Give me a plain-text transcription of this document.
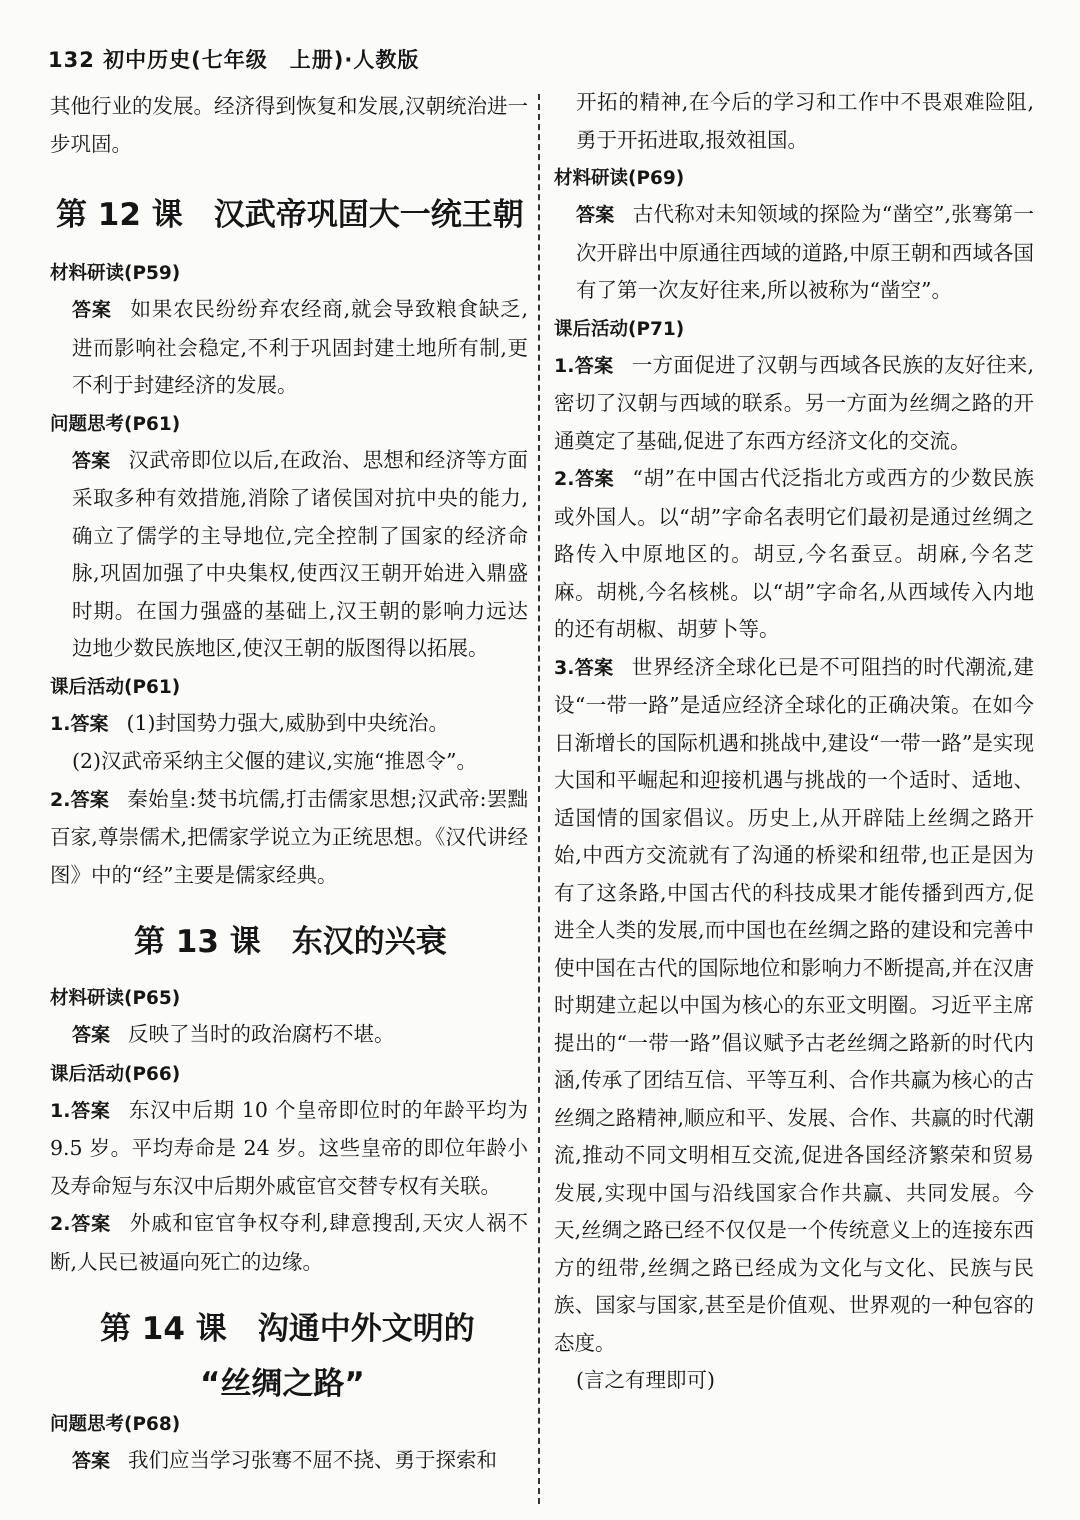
132 初中历史(七年级　上册)·人教版

其他行业的发展。经济得到恢复和发展,汉朝统治进一步巩固。

第 12 课　汉武帝巩固大一统王朝
材料研读(P59)

答案 如果农民纷纷弃农经商,就会导致粮食缺乏,进而影响社会稳定,不利于巩固封建土地所有制,更不利于封建经济的发展。

问题思考(P61)

答案 汉武帝即位以后,在政治、思想和经济等方面采取多种有效措施,消除了诸侯国对抗中央的能力,确立了儒学的主导地位,完全控制了国家的经济命脉,巩固加强了中央集权,使西汉王朝开始进入鼎盛时期。在国力强盛的基础上,汉王朝的影响力远达边地少数民族地区,使汉王朝的版图得以拓展。

课后活动(P61)

1.答案 (1)封国势力强大,威胁到中央统治。

(2)汉武帝采纳主父偃的建议,实施“推恩令”。

2.答案 秦始皇:焚书坑儒,打击儒家思想;汉武帝:罢黜百家,尊崇儒术,把儒家学说立为正统思想。《汉代讲经图》中的“经”主要是儒家经典。

第 13 课　东汉的兴衰
材料研读(P65)

答案 反映了当时的政治腐朽不堪。

课后活动(P66)

1.答案 东汉中后期 10 个皇帝即位时的年龄平均为 9.5 岁。平均寿命是 24 岁。这些皇帝的即位年龄小及寿命短与东汉中后期外戚宦官交替专权有关联。

2.答案 外戚和宦官争权夺利,肆意搜刮,天灾人祸不断,人民已被逼向死亡的边缘。

第 14 课　沟通中外文明的
“丝绸之路”
问题思考(P68)

答案 我们应当学习张骞不屈不挠、勇于探索和

开拓的精神,在今后的学习和工作中不畏艰难险阻,勇于开拓进取,报效祖国。

材料研读(P69)

答案 古代称对未知领域的探险为“凿空”,张骞第一次开辟出中原通往西域的道路,中原王朝和西域各国有了第一次友好往来,所以被称为“凿空”。

课后活动(P71)

1.答案 一方面促进了汉朝与西域各民族的友好往来,密切了汉朝与西域的联系。另一方面为丝绸之路的开通奠定了基础,促进了东西方经济文化的交流。

2.答案 “胡”在中国古代泛指北方或西方的少数民族或外国人。以“胡”字命名表明它们最初是通过丝绸之路传入中原地区的。胡豆,今名蚕豆。胡麻,今名芝麻。胡桃,今名核桃。以“胡”字命名,从西域传入内地的还有胡椒、胡萝卜等。

3.答案 世界经济全球化已是不可阻挡的时代潮流,建设“一带一路”是适应经济全球化的正确决策。在如今日渐增长的国际机遇和挑战中,建设“一带一路”是实现大国和平崛起和迎接机遇与挑战的一个适时、适地、适国情的国家倡议。历史上,从开辟陆上丝绸之路开始,中西方交流就有了沟通的桥梁和纽带,也正是因为有了这条路,中国古代的科技成果才能传播到西方,促进全人类的发展,而中国也在丝绸之路的建设和完善中使中国在古代的国际地位和影响力不断提高,并在汉唐时期建立起以中国为核心的东亚文明圈。习近平主席提出的“一带一路”倡议赋予古老丝绸之路新的时代内涵,传承了团结互信、平等互利、合作共赢为核心的古丝绸之路精神,顺应和平、发展、合作、共赢的时代潮流,推动不同文明相互交流,促进各国经济繁荣和贸易发展,实现中国与沿线国家合作共赢、共同发展。今天,丝绸之路已经不仅仅是一个传统意义上的连接东西方的纽带,丝绸之路已经成为文化与文化、民族与民族、国家与国家,甚至是价值观、世界观的一种包容的态度。

(言之有理即可)
